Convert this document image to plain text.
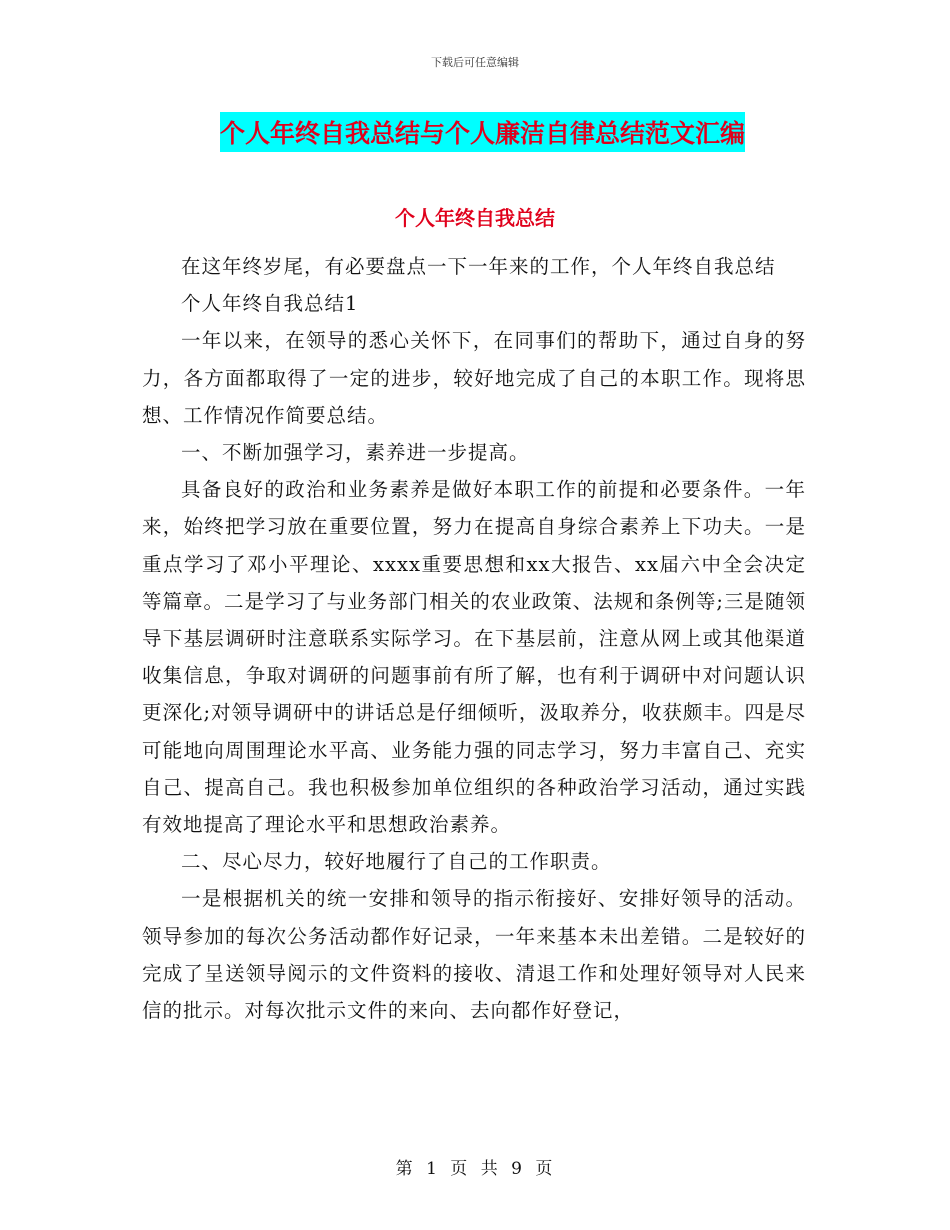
下载后可任意编辑
个人年终自我总结与个人廉洁自律总结范文汇编
个人年终自我总结

在这年终岁尾，有必要盘点一下一年来的工作，个人年终自我总结

个人年终自我总结1

一年以来，在领导的悉心关怀下，在同事们的帮助下，通过自身的努力，各方面都取得了一定的进步，较好地完成了自己的本职工作。现将思想、工作情况作简要总结。

一、不断加强学习，素养进一步提高。

具备良好的政治和业务素养是做好本职工作的前提和必要条件。一年来，始终把学习放在重要位置，努力在提高自身综合素养上下功夫。一是重点学习了邓小平理论、xxxx重要思想和xx大报告、xx届六中全会决定等篇章。二是学习了与业务部门相关的农业政策、法规和条例等;三是随领导下基层调研时注意联系实际学习。在下基层前，注意从网上或其他渠道收集信息，争取对调研的问题事前有所了解，也有利于调研中对问题认识更深化;对领导调研中的讲话总是仔细倾听，汲取养分，收获颇丰。四是尽可能地向周围理论水平高、业务能力强的同志学习，努力丰富自己、充实自己、提高自己。我也积极参加单位组织的各种政治学习活动，通过实践有效地提高了理论水平和思想政治素养。

二、尽心尽力，较好地履行了自己的工作职责。

一是根据机关的统一安排和领导的指示衔接好、安排好领导的活动。领导参加的每次公务活动都作好记录，一年来基本未出差错。二是较好的完成了呈送领导阅示的文件资料的接收、清退工作和处理好领导对人民来信的批示。对每次批示文件的来向、去向都作好登记，

第 1 页 共 9 页
